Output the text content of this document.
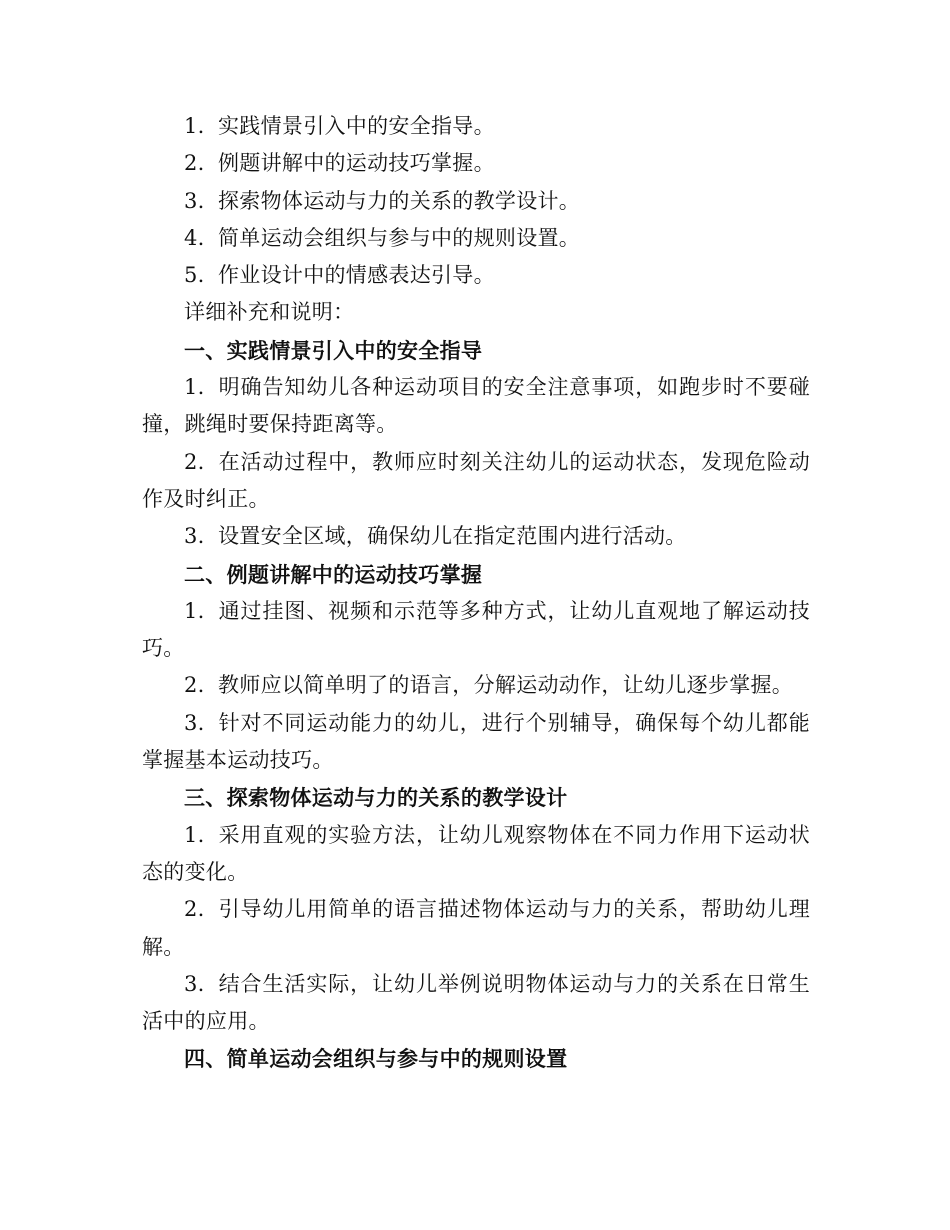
1. 实践情景引入中的安全指导。
2. 例题讲解中的运动技巧掌握。
3. 探索物体运动与力的关系的教学设计。
4. 简单运动会组织与参与中的规则设置。
5. 作业设计中的情感表达引导。
详细补充和说明：
一、实践情景引入中的安全指导
1. 明确告知幼儿各种运动项目的安全注意事项，如跑步时不要碰
撞，跳绳时要保持距离等。
2. 在活动过程中，教师应时刻关注幼儿的运动状态，发现危险动
作及时纠正。
3. 设置安全区域，确保幼儿在指定范围内进行活动。
二、例题讲解中的运动技巧掌握
1. 通过挂图、视频和示范等多种方式，让幼儿直观地了解运动技
巧。
2. 教师应以简单明了的语言，分解运动动作，让幼儿逐步掌握。
3. 针对不同运动能力的幼儿，进行个别辅导，确保每个幼儿都能
掌握基本运动技巧。
三、探索物体运动与力的关系的教学设计
1. 采用直观的实验方法，让幼儿观察物体在不同力作用下运动状
态的变化。
2. 引导幼儿用简单的语言描述物体运动与力的关系，帮助幼儿理
解。
3. 结合生活实际，让幼儿举例说明物体运动与力的关系在日常生
活中的应用。
四、简单运动会组织与参与中的规则设置
